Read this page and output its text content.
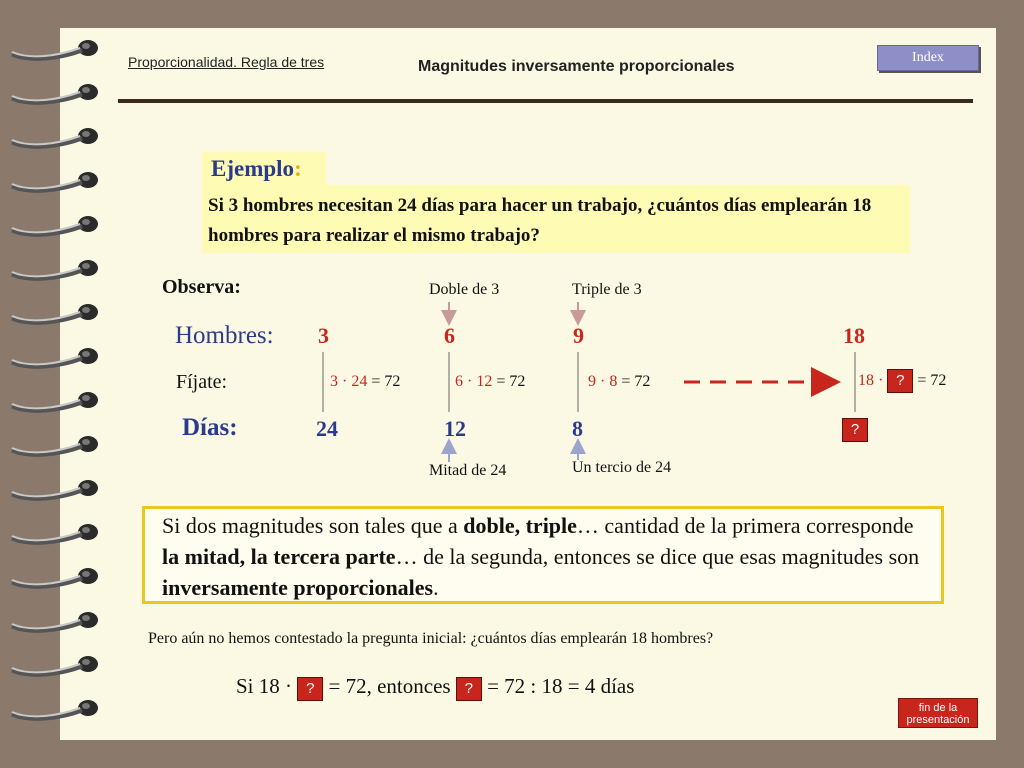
Proporcionalidad. Regla de tres	Magnitudes inversamente proporcionales
Index
Ejemplo:
Si 3 hombres necesitan 24 días para hacer un trabajo, ¿cuántos días emplearán 18 hombres para realizar el mismo trabajo?
Observa:	Doble de 3	Triple de 3
Hombres: 3	6	9	18
Fíjate:	3 · 24 = 72	6 · 12 = 72	9 · 8 = 72	18 · ? = 72
Días:	24	12	8	?
Mitad de 24	Un tercio de 24
Si dos magnitudes son tales que a doble, triple… cantidad de la primera corresponde la mitad, la tercera parte… de la segunda, entonces se dice que esas magnitudes son inversamente proporcionales.
Pero aún no hemos contestado la pregunta inicial: ¿cuántos días emplearán 18 hombres?
Si 18 · ? = 72, entonces ? = 72 : 18 = 4 días
fin de la
presentación
